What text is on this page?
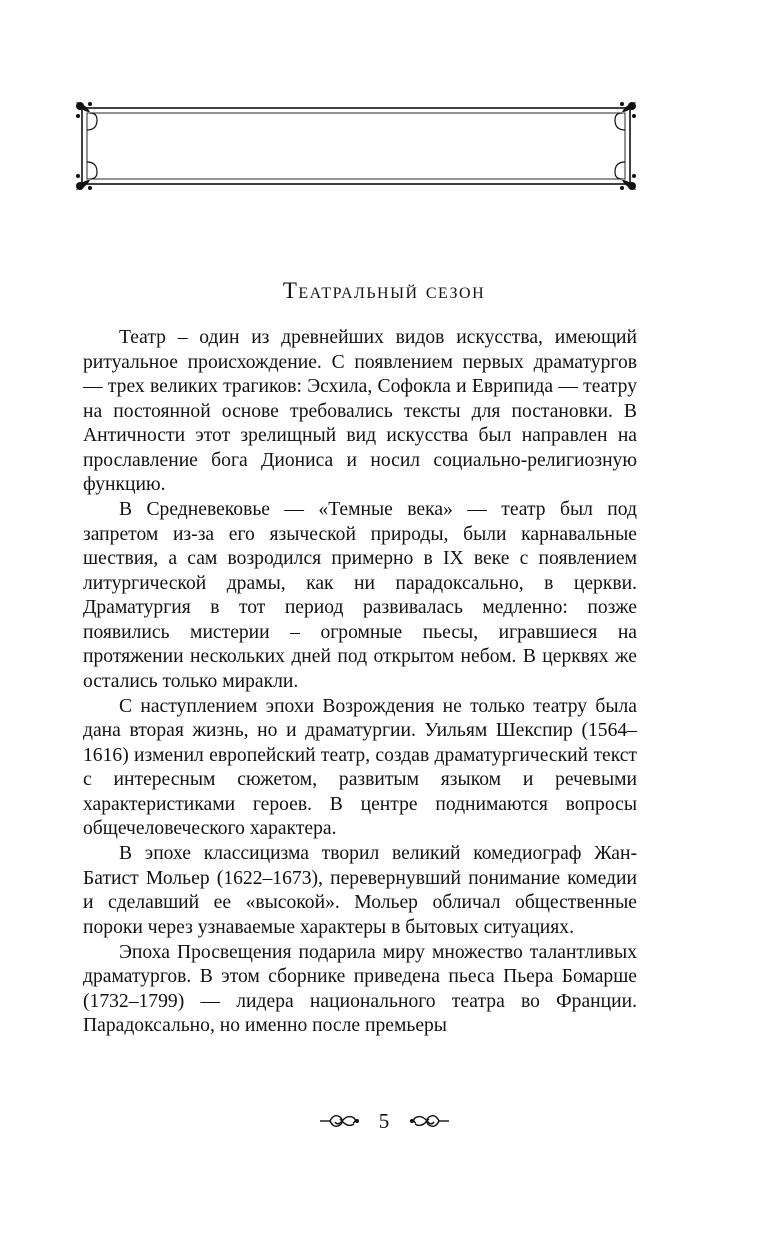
Театральный сезон

Театр – один из древнейших видов искусства, имеющий ритуальное происхождение. С появлением первых драматургов — трех великих трагиков: Эсхила, Софокла и Еврипида — театру на постоянной основе требовались тексты для постановки. В Античности этот зрелищный вид искусства был направлен на прославление бога Диониса и носил социально-религиозную функцию.

В Средневековье — «Темные века» — театр был под запретом из-за его языческой природы, были карнавальные шествия, а сам возродился примерно в IX веке с появлением литургической драмы, как ни парадоксально, в церкви. Драматургия в тот период развивалась медленно: позже появились мистерии – огромные пьесы, игравшиеся на протяжении нескольких дней под открытом небом. В церквях же остались только миракли.

С наступлением эпохи Возрождения не только театру была дана вторая жизнь, но и драматургии. Уильям Шекспир (1564–1616) изменил европейский театр, создав драматургический текст с интересным сюжетом, развитым языком и речевыми характеристиками героев. В центре поднимаются вопросы общечеловеческого характера.

В эпохе классицизма творил великий комедиограф Жан-Батист Мольер (1622–1673), перевернувший понимание комедии и сделавший ее «высокой». Мольер обличал общественные пороки через узнаваемые характеры в бытовых ситуациях.

Эпоха Просвещения подарила миру множество талантливых драматургов. В этом сборнике приведена пьеса Пьера Бомарше (1732–1799) — лидера национального театра во Франции. Парадоксально, но именно после премьеры

5
